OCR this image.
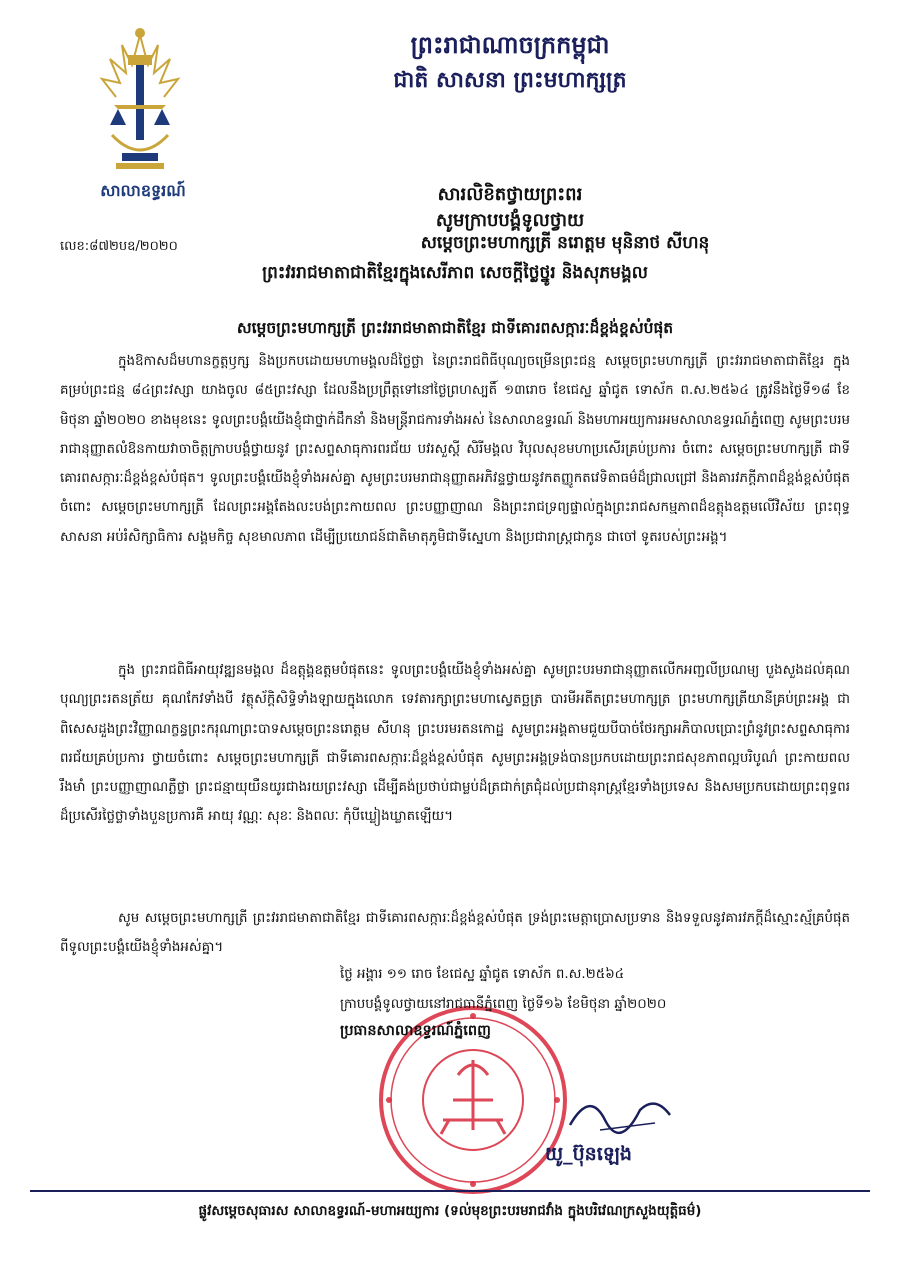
ព្រះរាជាណាចក្រកម្ពុជា
ជាតិ សាសនា ព្រះមហាក្សត្រ
សាលាឧទ្ធរណ៍	សារលិខិតថ្វាយព្រះពរ
សូមក្រាបបង្គំទូលថ្វាយ
លេខ:៨៧២បឧ/២០២០	សម្តេចព្រះមហាក្សត្រី នរោត្តម មុនិនាថ សីហនុ
ព្រះវររាជមាតាជាតិខ្មែរក្នុងសេរីភាព សេចក្តីថ្លៃថ្នូរ និងសុភមង្គល
សម្តេចព្រះមហាក្សត្រី ព្រះវររាជមាតាជាតិខ្មែរ ជាទីគោរពសក្ការៈដ៏ខ្ពង់ខ្ពស់បំផុត
ក្នុងឱកាសដ៏មហានក្ខត្តឫក្ស និងប្រកបដោយមហាមង្គលដ៏ថ្លៃថ្លា នៃព្រះរាជពិធីបុណ្យចម្រើនព្រះជន្ម សម្តេចព្រះមហាក្សត្រី ព្រះវររាជមាតាជាតិខ្មែរ ក្នុងគម្រប់ព្រះជន្ម ៨៤ព្រះវស្សា យាងចូល ៨៥ព្រះវស្សា ដែលនឹងប្រព្រឹត្តទៅនៅថ្ងៃព្រហស្បតិ៍ ១៣រោច ខែជេស្ឋ ឆ្នាំជូត ទោស័ក ព.ស.២៥៦៤ ត្រូវនឹងថ្ងៃទី១៨ ខែមិថុនា ឆ្នាំ២០២០ ខាងមុខនេះ ទូលព្រះបង្គំយើងខ្ញុំជាថ្នាក់ដឹកនាំ និងមន្ត្រីរាជការទាំងអស់ នៃសាលាឧទ្ធរណ៍ និងមហាអយ្យការអមសាលាឧទ្ធរណ៍ភ្នំពេញ សូមព្រះបរមរាជានុញ្ញាតលំឱនកាយវាចាចិត្តក្រាបបង្គំថ្វាយនូវ ព្រះសព្ទសាធុការពរជ័យ បវរសួស្តី សិរីមង្គល វិបុលសុខមហាប្រសើរគ្រប់ប្រការ ចំពោះ សម្តេចព្រះមហាក្សត្រី ជាទីគោរពសក្ការៈដ៏ខ្ពង់ខ្ពស់បំផុត។ ទូលព្រះបង្គំយើងខ្ញុំទាំងអស់គ្នា សូមព្រះបរមរាជានុញ្ញាតអភិវន្ទថ្វាយនូវកតញ្ញូកតវេទិតាធម៌ដ៏ជ្រាលជ្រៅ និងគារវភក្តីភាពដ៏ខ្ពង់ខ្ពស់បំផុតចំពោះ សម្តេចព្រះមហាក្សត្រី ដែលព្រះអង្គតែងលះបង់ព្រះកាយពល ព្រះបញ្ញាញាណ និងព្រះរាជទ្រព្យផ្ទាល់ក្នុងព្រះរាជសកម្មភាពដ៏ឧត្តុងឧត្តមលើវិស័យ ព្រះពុទ្ធសាសនា អប់រំសិក្សាធិការ សង្គមកិច្ច សុខមាលភាព ដើម្បីប្រយោជន៍ជាតិមាតុភូមិជាទីស្នេហា និងប្រជារាស្ត្រជាកូន ជាចៅ ទូតរបស់ព្រះអង្គ។
ក្នុង ព្រះរាជពិធីអាយុវឌ្ឍនមង្គល ដ៏ឧត្តុង្គឧត្តមបំផុតនេះ ទូលព្រះបង្គំយើងខ្ញុំទាំងអស់គ្នា សូមព្រះបរមរាជានុញ្ញាតលើកអញ្ជលីប្រណម្យ បួងសួងដល់គុណបុណ្យព្រះរតនត្រ័យ គុណកែវទាំងបី វត្ថុស័ក្តិសិទ្ធិទាំងឡាយក្នុងលោក ទេវតារក្សាព្រះមហាស្វេតច្ឆត្រ បារមីអតីតព្រះមហាក្សត្រ ព្រះមហាក្សត្រីយានីគ្រប់ព្រះអង្គ ជាពិសេសដួងព្រះវិញ្ញាណក្ខន្ធព្រះករុណាព្រះបាទសម្តេចព្រះនរោត្តម សីហនុ ព្រះបរមរតនកោដ្ឋ សូមព្រះអង្គតាមជួយបីបាច់ថែរក្សាអភិបាលប្រោះព្រំនូវព្រះសព្ទសាធុការពរជ័យគ្រប់ប្រការ ថ្វាយចំពោះ សម្តេចព្រះមហាក្សត្រី ជាទីគោរពសក្ការៈដ៏ខ្ពង់ខ្ពស់បំផុត សូមព្រះអង្គទ្រង់បានប្រកបដោយព្រះរាជសុខភាពល្អបរិបូណ៌ ព្រះកាយពលរឹងមាំ ព្រះបញ្ញាញាណភ្លឺថ្លា ព្រះជន្មាយុយឺនយូរជាងរយព្រះវស្សា ដើម្បីគង់ប្រថាប់ជាម្លប់ដ៏ត្រជាក់ត្រជុំដល់ប្រជានុរាស្ត្រខ្មែរទាំងប្រទេស និងសមប្រកបដោយព្រះពុទ្ធពរដ៏ប្រសើរថ្លៃថ្លាទាំងបួនប្រការគឺ អាយុ វណ្ណៈ សុខៈ និងពលៈ កុំបីឃ្លៀងឃ្លាតឡើយ។
សូម សម្តេចព្រះមហាក្សត្រី ព្រះវររាជមាតាជាតិខ្មែរ ជាទីគោរពសក្ការៈដ៏ខ្ពង់ខ្ពស់បំផុត ទ្រង់ព្រះមេត្តាប្រោសប្រទាន និងទទួលនូវគារវភក្តីដ៏ស្មោះស្ម័គ្របំផុត ពីទូលព្រះបង្គំយើងខ្ញុំទាំងអស់គ្នា។
ថ្ងៃ អង្គារ ១១ រោច ខែជេស្ឋ ឆ្នាំជូត ទោស័ក ព.ស.២៥៦៤
ក្រាបបង្គំទូលថ្វាយនៅរាជធានីភ្នំពេញ ថ្ងៃទី១៦ ខែមិថុនា ឆ្នាំ២០២០
ប្រធានសាលាឧទ្ធរណ៍ភ្នំពេញ
យូ_ប៊ុនឡេង
ផ្លូវសម្តេចសុធារស សាលាឧទ្ធរណ៍-មហាអយ្យការ (ទល់មុខព្រះបរមរាជវាំង ក្នុងបរិវេណក្រសួងយុត្តិធម៌)
